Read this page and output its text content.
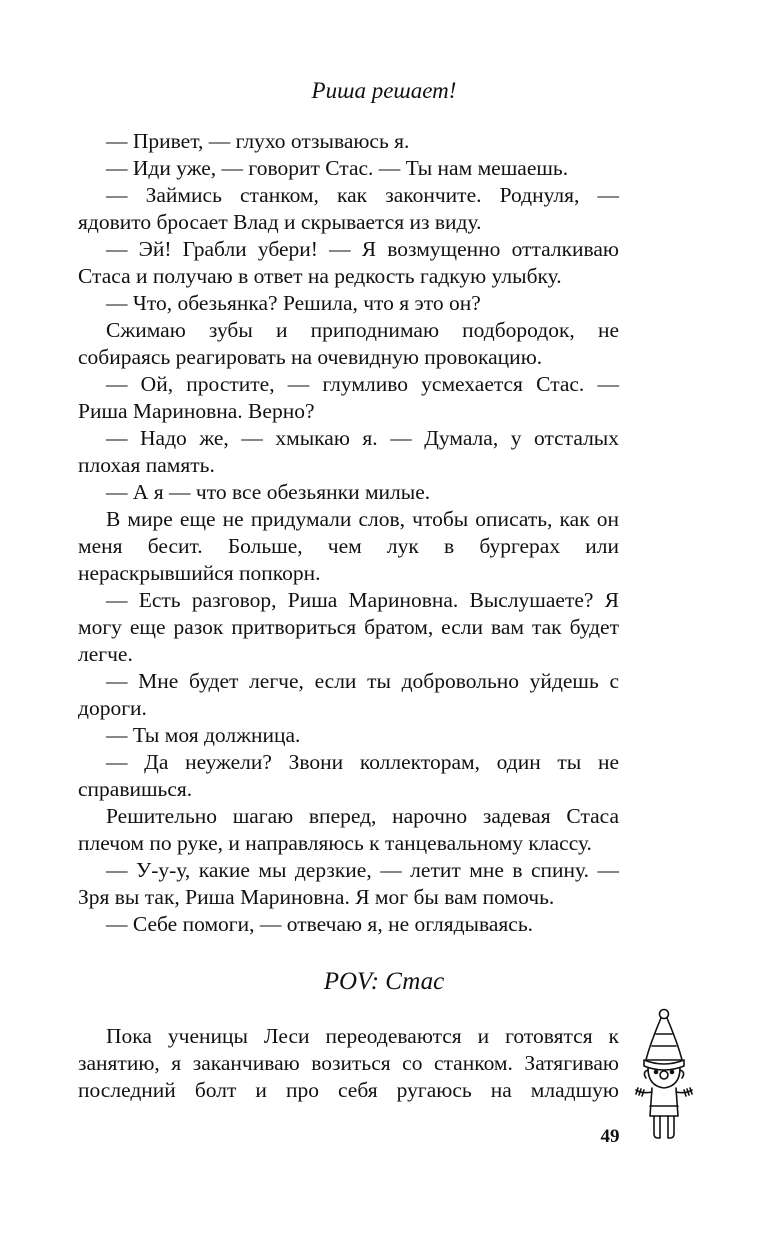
Риша решает!

— Привет, — глухо отзываюсь я.

— Иди уже, — говорит Стас. — Ты нам мешаешь.

— Займись станком, как закончите. Роднуля, — ядовито бросает Влад и скрывается из виду.

— Эй! Грабли убери! — Я возмущенно отталкиваю Стаса и получаю в ответ на редкость гадкую улыбку.

— Что, обезьянка? Решила, что я это он?

Сжимаю зубы и приподнимаю подбородок, не собираясь реагировать на очевидную провокацию.

— Ой, простите, — глумливо усмехается Стас. — Риша Мариновна. Верно?

— Надо же, — хмыкаю я. — Думала, у отсталых плохая память.

— А я — что все обезьянки милые.

В мире еще не придумали слов, чтобы описать, как он меня бесит. Больше, чем лук в бургерах или нераскрывшийся попкорн.

— Есть разговор, Риша Мариновна. Выслушаете? Я могу еще разок притвориться братом, если вам так будет легче.

— Мне будет легче, если ты добровольно уйдешь с дороги.

— Ты моя должница.

— Да неужели? Звони коллекторам, один ты не справишься.

Решительно шагаю вперед, нарочно задевая Стаса плечом по руке, и направляюсь к танцевальному классу.

— У-у-у, какие мы дерзкие, — летит мне в спину. — Зря вы так, Риша Мариновна. Я мог бы вам помочь.

— Себе помоги, — отвечаю я, не оглядываясь.

POV: Стас

Пока ученицы Леси переодеваются и готовятся к занятию, я заканчиваю возиться со станком. Затягиваю последний болт и про себя ругаюсь на младшую

49
